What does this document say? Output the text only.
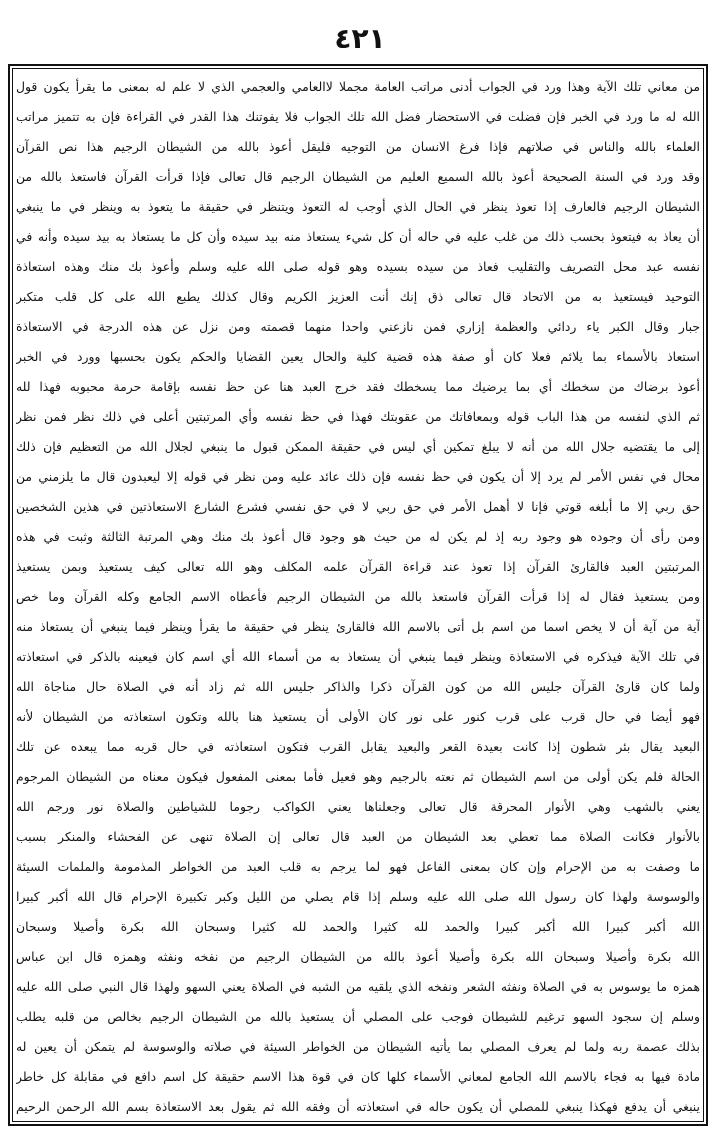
٤٢١
من معاني تلك الآية وهذا ورد في الجواب أدنى مراتب العامة مجملا لاالعامي والعجمي الذي لا علم له بمعنى ما يقرأ يكون قول
الله له ما ورد في الخبر فإن فضلت في الاستحضار فضل الله تلك الجواب فلا يفوتنك هذا القدر في القراءة فإن به تتميز مراتب
العلماء بالله والناس في صلاتهم فإذا فرغ الانسان من التوجيه فليقل أعوذ بالله من الشيطان الرجيم هذا نص القرآن
وقد ورد في السنة الصحيحة أعوذ بالله السميع العليم من الشيطان الرجيم قال تعالى فإذا قرأت القرآن فاستعذ بالله من
الشيطان الرجيم فالعارف إذا تعوذ ينظر في الحال الذي أوجب له التعوذ ويتنظر في حقيقة ما يتعوذ به وينظر في ما ينبغي
أن يعاذ به فيتعوذ بحسب ذلك من غلب عليه في حاله أن كل شيء يستعاذ منه بيد سيده وأن كل ما يستعاذ به بيد سيده وأنه في
نفسه عبد محل التصريف والتقليب فعاذ من سيده بسيده وهو قوله صلى الله عليه وسلم وأعوذ بك منك وهذه استعاذة
التوحيد فيستعيذ به من الاتحاد قال تعالى ذق إنك أنت العزيز الكريم وقال كذلك يطبع الله على كل قلب متكبر
جبار وقال الكبر ياء ردائي والعظمة إزاري فمن نازعني واحدا منهما قصمته ومن نزل عن هذه الدرجة في الاستعاذة
استعاذ بالأسماء بما يلائم فعلا كان أو صفة هذه قضية كلية والحال يعين القضايا والحكم يكون بحسبها وورد في الخبر
أعوذ برضاك من سخطك أي بما يرضيك مما يسخطك فقد خرج العبد هنا عن حظ نفسه بإقامة حرمة محبوبه فهذا لله
ثم الذي لنفسه من هذا الباب قوله وبمعافاتك من عقوبتك فهذا في حظ نفسه وأي المرتبتين أعلى في ذلك نظر فمن نظر
إلى ما يقتضيه جلال الله من أنه لا يبلغ تمكين أي ليس في حقيقة الممكن قبول ما ينبغي لجلال الله من التعظيم فإن ذلك
محال في نفس الأمر لم يرد إلا أن يكون في حظ نفسه فإن ذلك عائد عليه ومن نظر في قوله إلا ليعبدون قال ما يلزمني من
حق ربي إلا ما أبلغه قوتي فإنا لا أهمل الأمر في حق ربي لا في حق نفسي فشرع الشارع الاستعاذتين في هذين الشخصين
ومن رأى أن وجوده هو وجود ربه إذ لم يكن له من حيث هو وجود قال أعوذ بك منك وهي المرتبة الثالثة وثبت في هذه
المرتبتين العبد فالقارئ القرآن إذا تعوذ عند قراءة القرآن علمه المكلف وهو الله تعالى كيف يستعيذ وبمن يستعيذ
ومن يستعيذ فقال له إذا قرأت القرآن فاستعذ بالله من الشيطان الرجيم فأعطاه الاسم الجامع وكله القرآن وما خص
آية من آية أن لا يخص اسما من اسم بل أتى بالاسم الله فالقارئ ينظر في حقيقة ما يقرأ وينظر فيما ينبغي أن يستعاذ منه
في تلك الآية فيذكره في الاستعاذة وينظر فيما ينبغي أن يستعاذ به من أسماء الله أي اسم كان فيعينه بالذكر في استعاذته
ولما كان قارئ القرآن جليس الله من كون القرآن ذكرا والذاكر جليس الله ثم زاد أنه في الصلاة حال مناجاة الله
فهو أيضا في حال قرب على قرب كنور على نور كان الأولى أن يستعيذ هنا بالله وتكون استعاذته من الشيطان لأنه
البعيد يقال بئر شطون إذا كانت بعيدة القعر والبعيد يقابل القرب فتكون استعاذته في حال قربه مما يبعده عن تلك
الحالة فلم يكن أولى من اسم الشيطان ثم نعته بالرجيم وهو فعيل فأما بمعنى المفعول فيكون معناه من الشيطان المرجوم
يعني بالشهب وهي الأنوار المحرقة قال تعالى وجعلناها يعني الكواكب رجوما للشياطين والصلاة نور ورجم الله
بالأنوار فكانت الصلاة مما تعطي بعد الشيطان من العبد قال تعالى إن الصلاة تنهى عن الفحشاء والمنكر بسبب
ما وصفت به من الإحرام وإن كان بمعنى الفاعل فهو لما يرجم به قلب العبد من الخواطر المذمومة والملمات السيئة
والوسوسة ولهذا كان رسول الله صلى الله عليه وسلم إذا قام يصلي من الليل وكبر تكبيرة الإحرام قال الله أكبر كبيرا
الله أكبر كبيرا الله أكبر كبيرا والحمد لله كثيرا والحمد لله كثيرا وسبحان الله بكرة وأصيلا وسبحان
الله بكرة وأصيلا وسبحان الله بكرة وأصيلا أعوذ بالله من الشيطان الرجيم من نفخه ونفثه وهمزه قال ابن عباس
همزه ما يوسوس به في الصلاة ونفثه الشعر ونفخه الذي يلقيه من الشبه في الصلاة يعني السهو ولهذا قال النبي صلى الله عليه
وسلم إن سجود السهو ترغيم للشيطان فوجب على المصلي أن يستعيذ بالله من الشيطان الرجيم بخالص من قلبه يطلب
بذلك عصمة ربه ولما لم يعرف المصلي بما يأتيه الشيطان من الخواطر السيئة في صلاته والوسوسة لم يتمكن أن يعين له
مادة فيها به فجاء بالاسم الله الجامع لمعاني الأسماء كلها كان في قوة هذا الاسم حقيقة كل اسم دافع في مقابلة كل خاطر
ينبغي أن يدفع فهكذا ينبغي للمصلي أن يكون حاله في استعاذته أن وفقه الله ثم يقول بعد الاستعاذة بسم الله الرحمن الرحيم
